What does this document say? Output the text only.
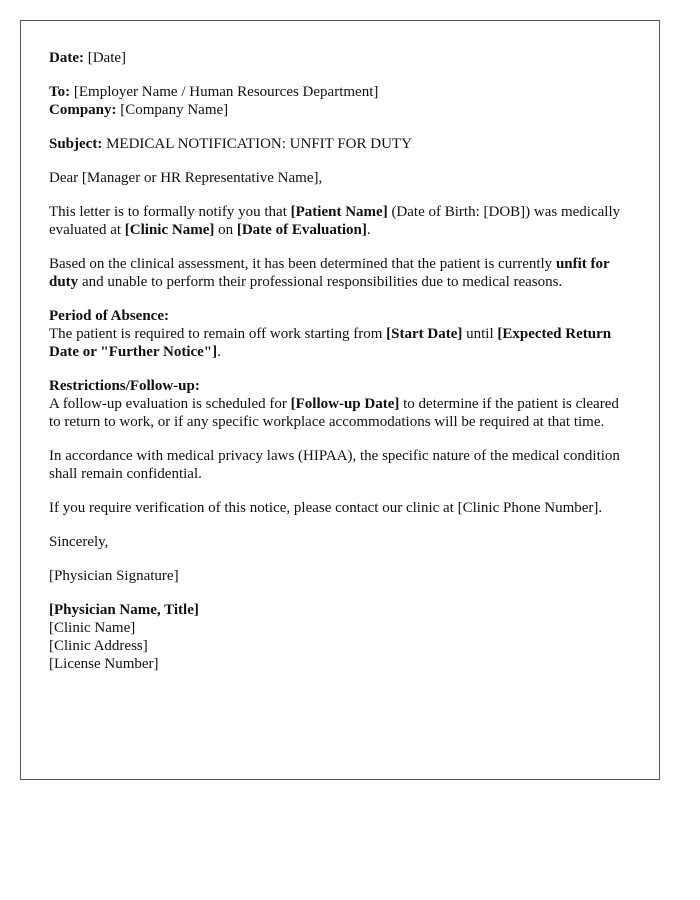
Date: [Date]

To: [Employer Name / Human Resources Department]
Company: [Company Name]

Subject: MEDICAL NOTIFICATION: UNFIT FOR DUTY

Dear [Manager or HR Representative Name],

This letter is to formally notify you that [Patient Name] (Date of Birth: [DOB]) was medically evaluated at [Clinic Name] on [Date of Evaluation].

Based on the clinical assessment, it has been determined that the patient is currently unfit for duty and unable to perform their professional responsibilities due to medical reasons.

Period of Absence:
The patient is required to remain off work starting from [Start Date] until [Expected Return Date or "Further Notice"].

Restrictions/Follow-up:
A follow-up evaluation is scheduled for [Follow-up Date] to determine if the patient is cleared to return to work, or if any specific workplace accommodations will be required at that time.

In accordance with medical privacy laws (HIPAA), the specific nature of the medical condition shall remain confidential.

If you require verification of this notice, please contact our clinic at [Clinic Phone Number].

Sincerely,

[Physician Signature]

[Physician Name, Title]
[Clinic Name]
[Clinic Address]
[License Number]
